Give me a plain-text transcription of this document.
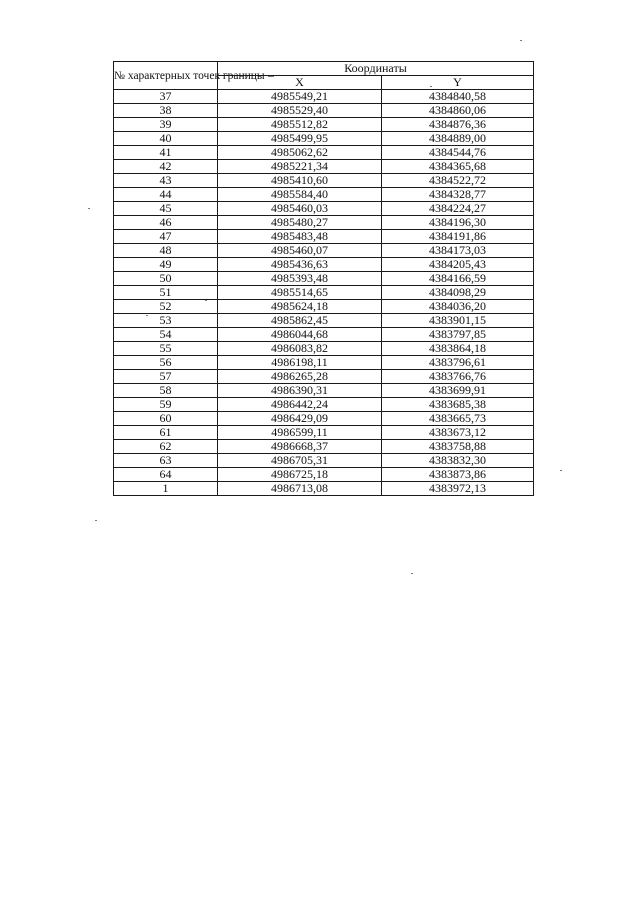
№ характерных точек границы	Координаты	
	X	Y
37	4985549,21	4384840,58
38	4985529,40	4384860,06
39	4985512,82	4384876,36
40	4985499,95	4384889,00
41	4985062,62	4384544,76
42	4985221,34	4384365,68
43	4985410,60	4384522,72
44	4985584,40	4384328,77
45	4985460,03	4384224,27
46	4985480,27	4384196,30
47	4985483,48	4384191,86
48	4985460,07	4384173,03
49	4985436,63	4384205,43
50	4985393,48	4384166,59
51	4985514,65	4384098,29
52	4985624,18	4384036,20
53	4985862,45	4383901,15
54	4986044,68	4383797,85
55	4986083,82	4383864,18
56	4986198,11	4383796,61
57	4986265,28	4383766,76
58	4986390,31	4383699,91
59	4986442,24	4383685,38
60	4986429,09	4383665,73
61	4986599,11	4383673,12
62	4986668,37	4383758,88
63	4986705,31	4383832,30
64	4986725,18	4383873,86
1	4986713,08	4383972,13
